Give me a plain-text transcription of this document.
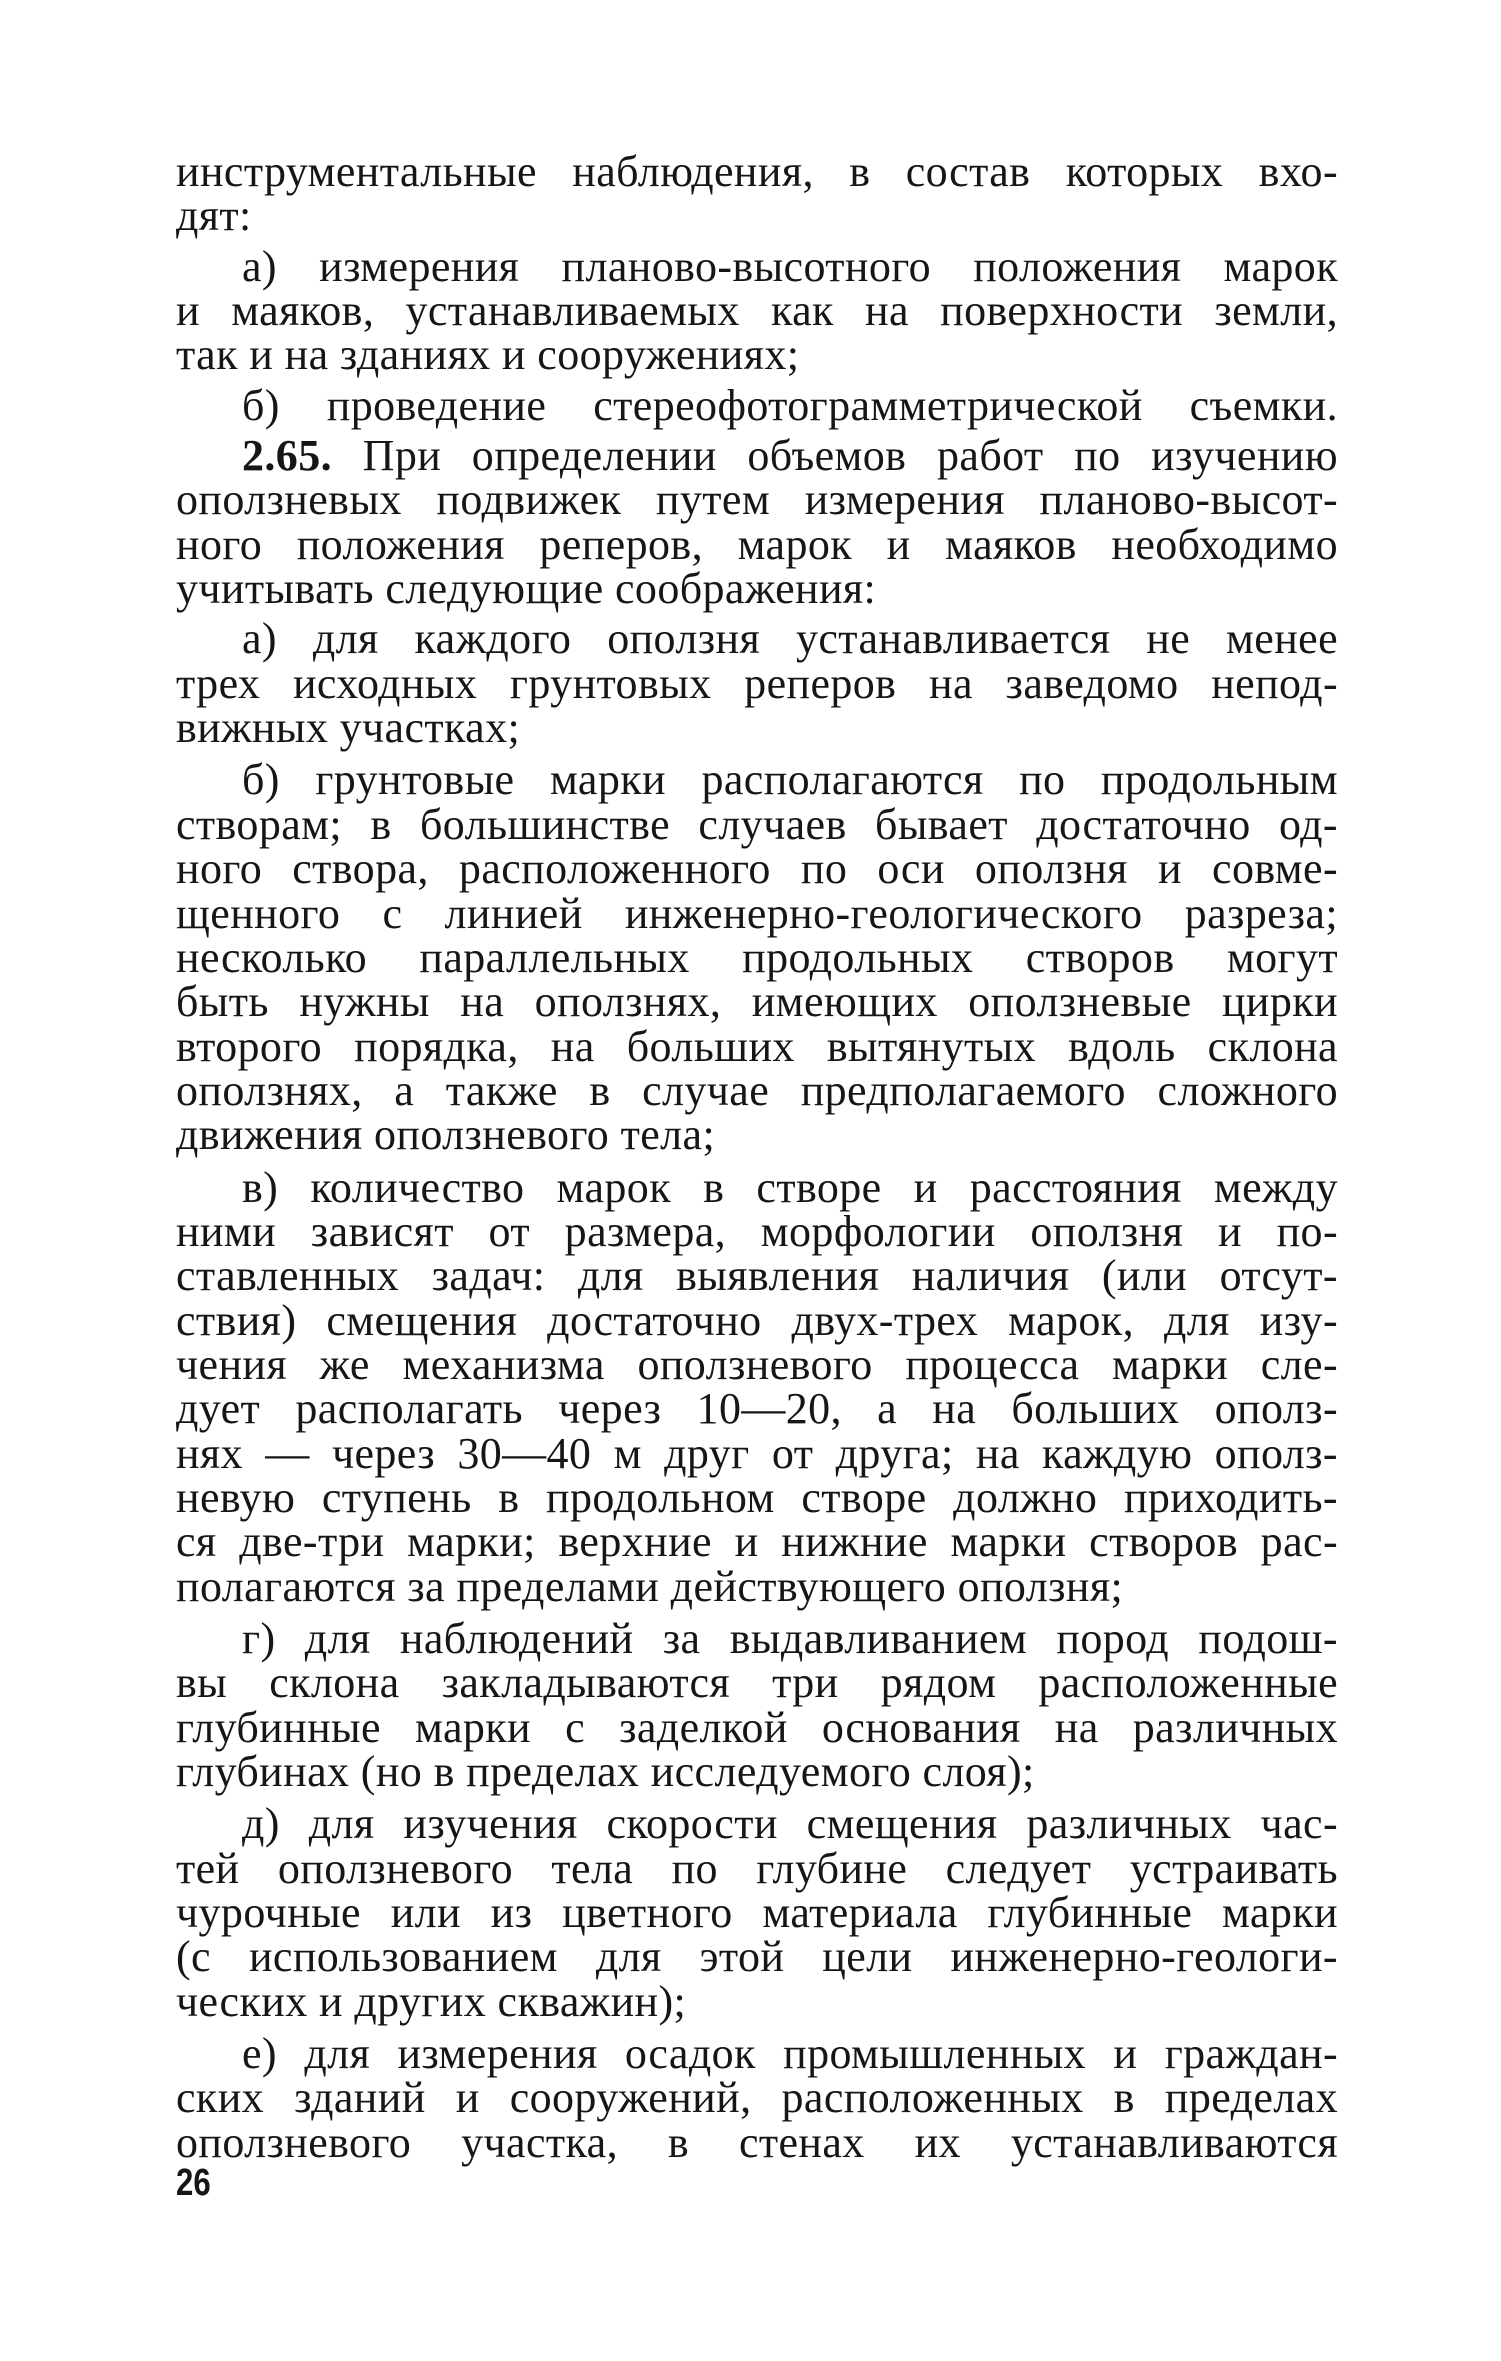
инструментальные наблюдения, в состав которых вхо-
дят:
а) измерения планово-высотного положения марок
и маяков, устанавливаемых как на поверхности земли,
так и на зданиях и сооружениях;
б) проведение стереофотограмметрической съемки.
2.65. При определении объемов работ по изучению
оползневых подвижек путем измерения планово-высот-
ного положения реперов, марок и маяков необходимо
учитывать следующие соображения:
а) для каждого оползня устанавливается не менее
трех исходных грунтовых реперов на заведомо непод-
вижных участках;
б) грунтовые марки располагаются по продольным
створам; в большинстве случаев бывает достаточно од-
ного створа, расположенного по оси оползня и совме-
щенного с линией инженерно-геологического разреза;
несколько параллельных продольных створов могут
быть нужны на оползнях, имеющих оползневые цирки
второго порядка, на больших вытянутых вдоль склона
оползнях, а также в случае предполагаемого сложного
движения оползневого тела;
в) количество марок в створе и расстояния между
ними зависят от размера, морфологии оползня и по-
ставленных задач: для выявления наличия (или отсут-
ствия) смещения достаточно двух-трех марок, для изу-
чения же механизма оползневого процесса марки сле-
дует располагать через 10—20, а на больших ополз-
нях — через 30—40 м друг от друга; на каждую ополз-
невую ступень в продольном створе должно приходить-
ся две-три марки; верхние и нижние марки створов рас-
полагаются за пределами действующего оползня;
г) для наблюдений за выдавливанием пород подош-
вы склона закладываются три рядом расположенные
глубинные марки с заделкой основания на различных
глубинах (но в пределах исследуемого слоя);
д) для изучения скорости смещения различных час-
тей оползневого тела по глубине следует устраивать
чурочные или из цветного материала глубинные марки
(с использованием для этой цели инженерно-геологи-
ческих и других скважин);
е) для измерения осадок промышленных и граждан-
ских зданий и сооружений, расположенных в пределах
оползневого участка, в стенах их устанавливаются
26
